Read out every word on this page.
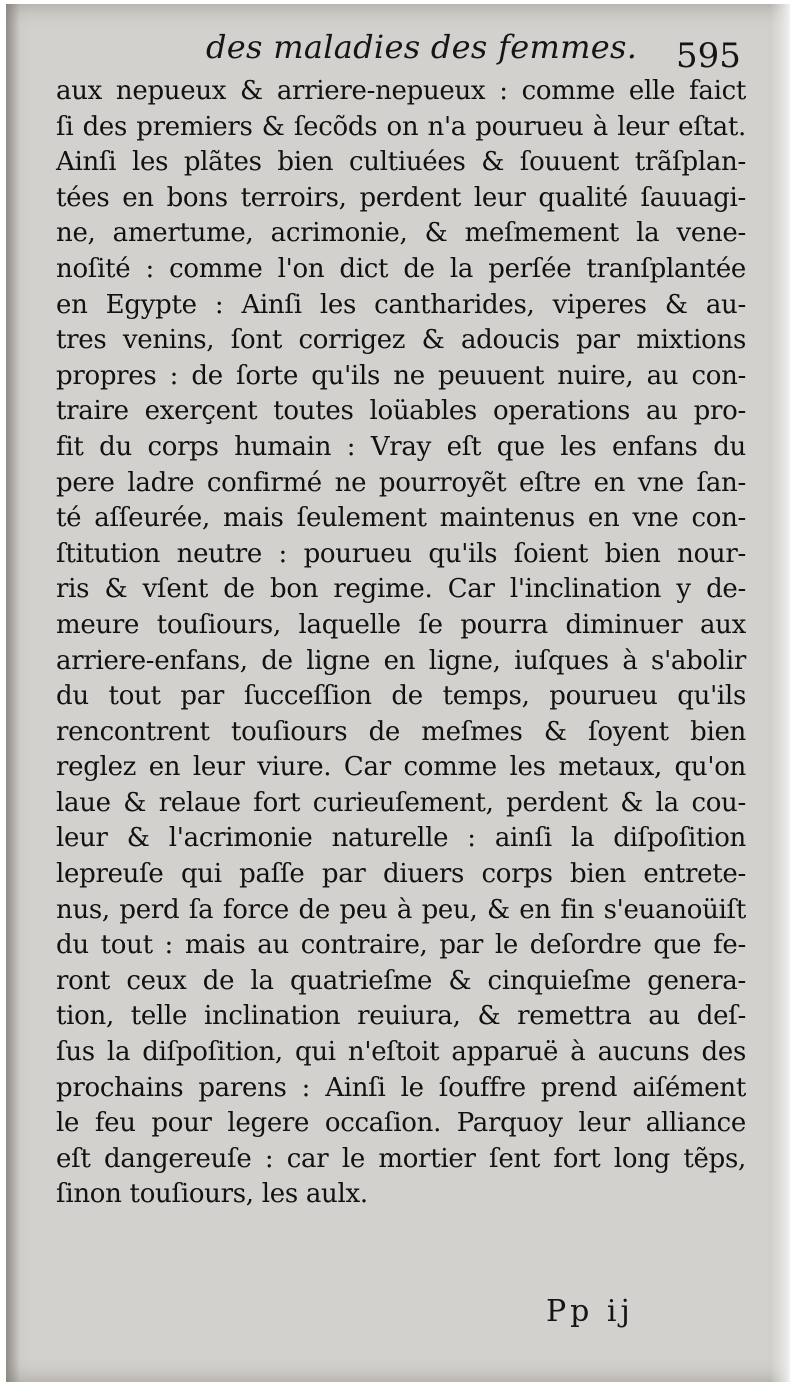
des maladies des femmes. 595
aux nepueux & arriere-nepueux : comme elle faict
ſi des premiers & ſecõds on n'a pourueu à leur eſtat.
Ainſi les plãtes bien cultiuées & ſouuent trãſplan-
tées en bons terroirs, perdent leur qualité ſauuagi-
ne, amertume, acrimonie, & meſmement la vene-
noſité : comme l'on dict de la perſée tranſplantée
en Egypte : Ainſi les cantharides, viperes & au-
tres venins, ſont corrigez & adoucis par mixtions
propres : de ſorte qu'ils ne peuuent nuire, au con-
traire exerçent toutes loüables operations au pro-
fit du corps humain : Vray eſt que les enfans du
pere ladre confirmé ne pourroyẽt eſtre en vne ſan-
té aſſeurée, mais ſeulement maintenus en vne con-
ſtitution neutre : pourueu qu'ils ſoient bien nour-
ris & vſent de bon regime. Car l'inclination y de-
meure touſiours, laquelle ſe pourra diminuer aux
arriere-enfans, de ligne en ligne, iuſques à s'abolir
du tout par ſucceſſion de temps, pourueu qu'ils
rencontrent touſiours de meſmes & ſoyent bien
reglez en leur viure. Car comme les metaux, qu'on
laue & relaue fort curieuſement, perdent & la cou-
leur & l'acrimonie naturelle : ainſi la diſpoſition
lepreuſe qui paſſe par diuers corps bien entrete-
nus, perd ſa force de peu à peu, & en fin s'euanoüiſt
du tout : mais au contraire, par le deſordre que fe-
ront ceux de la quatrieſme & cinquieſme genera-
tion, telle inclination reuiura, & remettra au deſ-
ſus la diſpoſition, qui n'eſtoit apparuë à aucuns des
prochains parens : Ainſi le ſouffre prend aiſément
le feu pour legere occaſion. Parquoy leur alliance
eſt dangereuſe : car le mortier ſent fort long tẽps,
ſinon touſiours, les aulx.
Pp ij
